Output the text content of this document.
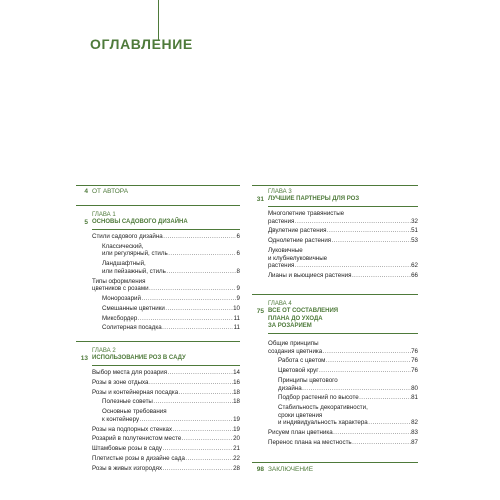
ОГЛАВЛЕНИЕ
4 ОТ АВТОРА
ГЛАВА 1
5 ОСНОВЫ САДОВОГО ДИЗАЙНА
Стили садового дизайна .....	6
Классический,
или регулярный, стиль .....	6
Ландшафтный,
или пейзажный, стиль .....	8
Типы оформления
цветников с розами .....	9
Монорозарий .....	9
Смешанные цветники .....	10
Миксбордер .....	11
Солитерная посадка .....	11
ГЛАВА 2
13 ИСПОЛЬЗОВАНИЕ РОЗ В САДУ
Выбор места для розария .....	14
Розы в зоне отдыха .....	16
Розы и контейнерная посадка .....	18
Полезные советы .....	18
Основные требования
к контейнеру .....	19
Розы на подпорных стенках .....	19
Розарий в полутенистом месте .....	20
Штамбовые розы в саду .....	21
Плетистые розы в дизайне сада .....	22
Розы в живых изгородях .....	28
ГЛАВА 3
31 ЛУЧШИЕ ПАРТНЕРЫ ДЛЯ РОЗ
Многолетние травянистые
растения .....	32
Двулетние растения .....	51
Однолетние растения .....	53
Луковичные
и клубнелуковичные
растения .....	62
Лианы и вьющиеся растения .....	66
ГЛАВА 4
75 ВСЕ ОТ СОСТАВЛЕНИЯ
ПЛАНА ДО УХОДА
ЗА РОЗАРИЕМ
Общие принципы
создания цветника .....	76
Работа с цветом .....	76
Цветовой круг .....	76
Принципы цветового
дизайна .....	80
Подбор растений по высоте .....	81
Стабильность декоративности,
сроки цветения
и индивидуальность характера .....	82
Рисуем план цветника .....	83
Перенос плана на местность .....	87
98 ЗАКЛЮЧЕНИЕ
